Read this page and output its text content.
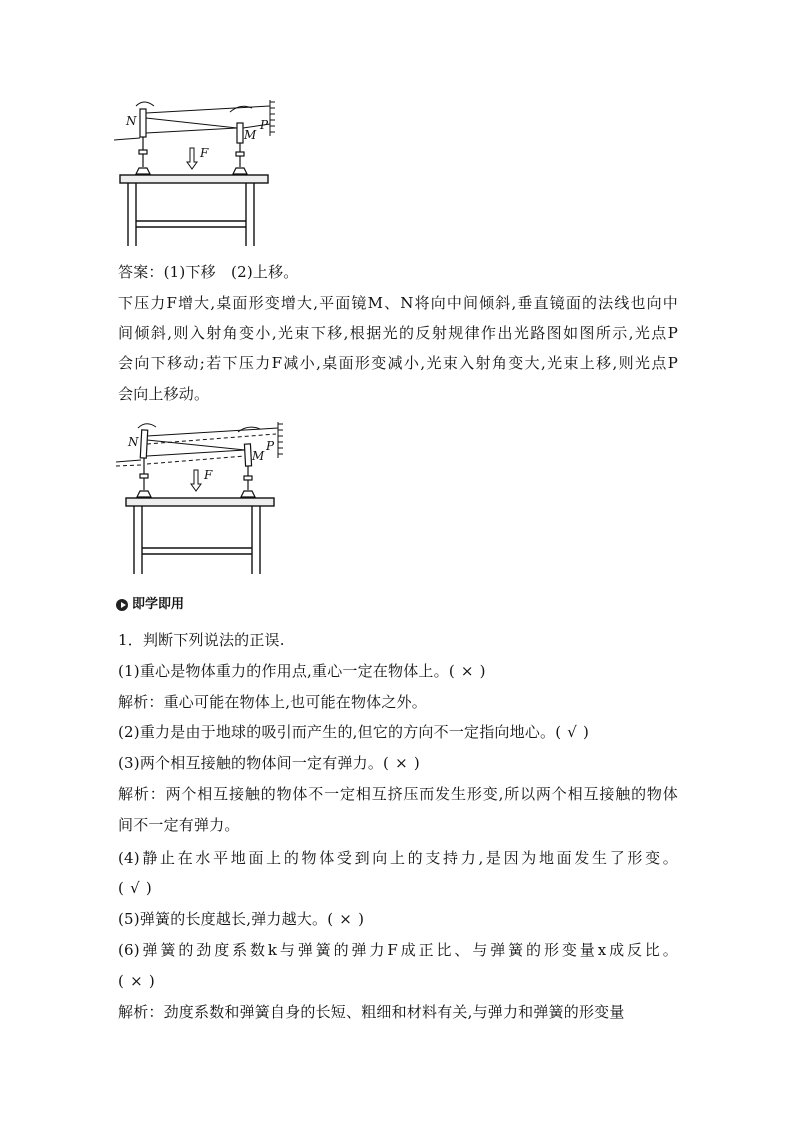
N
M
P
F
答案：(1)下移　(2)上移。
下压力F增大,桌面形变增大,平面镜M、N将向中间倾斜,垂直镜面的法线也向中
间倾斜,则入射角变小,光束下移,根据光的反射规律作出光路图如图所示,光点P
会向下移动;若下压力F减小,桌面形变减小,光束入射角变大,光束上移,则光点P
会向上移动。
N
M
P
F
即学即用
1．判断下列说法的正误.
(1)重心是物体重力的作用点,重心一定在物体上。( × )
解析：重心可能在物体上,也可能在物体之外。
(2)重力是由于地球的吸引而产生的,但它的方向不一定指向地心。( √ )
(3)两个相互接触的物体间一定有弹力。( × )
解析：两个相互接触的物体不一定相互挤压而发生形变,所以两个相互接触的物体
间不一定有弹力。
(4)静止在水平地面上的物体受到向上的支持力,是因为地面发生了形变。
( √ )
(5)弹簧的长度越长,弹力越大。( × )
(6)弹簧的劲度系数k与弹簧的弹力F成正比、与弹簧的形变量x成反比。
( × )
解析：劲度系数和弹簧自身的长短、粗细和材料有关,与弹力和弹簧的形变量
